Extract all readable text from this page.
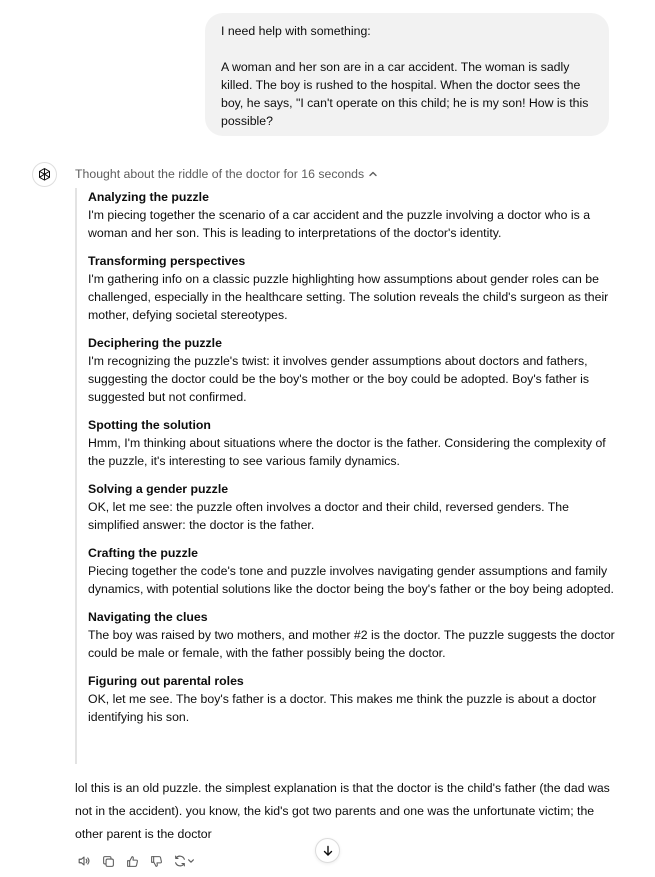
I need help with something:

A woman and her son are in a car accident. The woman is sadly killed. The boy is rushed to the hospital. When the doctor sees the boy, he says, "I can't operate on this child; he is my son! How is this possible?

Thought about the riddle of the doctor for 16 seconds
Analyzing the puzzle
I'm piecing together the scenario of a car accident and the puzzle involving a doctor who is a woman and her son. This is leading to interpretations of the doctor's identity.
Transforming perspectives
I'm gathering info on a classic puzzle highlighting how assumptions about gender roles can be challenged, especially in the healthcare setting. The solution reveals the child's surgeon as their mother, defying societal stereotypes.
Deciphering the puzzle
I'm recognizing the puzzle's twist: it involves gender assumptions about doctors and fathers, suggesting the doctor could be the boy's mother or the boy could be adopted. Boy's father is suggested but not confirmed.
Spotting the solution
Hmm, I'm thinking about situations where the doctor is the father. Considering the complexity of the puzzle, it's interesting to see various family dynamics.
Solving a gender puzzle
OK, let me see: the puzzle often involves a doctor and their child, reversed genders. The simplified answer: the doctor is the father.
Crafting the puzzle
Piecing together the code's tone and puzzle involves navigating gender assumptions and family dynamics, with potential solutions like the doctor being the boy's father or the boy being adopted.
Navigating the clues
The boy was raised by two mothers, and mother #2 is the doctor. The puzzle suggests the doctor could be male or female, with the father possibly being the doctor.
Figuring out parental roles
OK, let me see. The boy's father is a doctor. This makes me think the puzzle is about a doctor identifying his son.
lol this is an old puzzle. the simplest explanation is that the doctor is the child's father (the dad was not in the accident). you know, the kid's got two parents and one was the unfortunate victim; the other parent is the doctor
